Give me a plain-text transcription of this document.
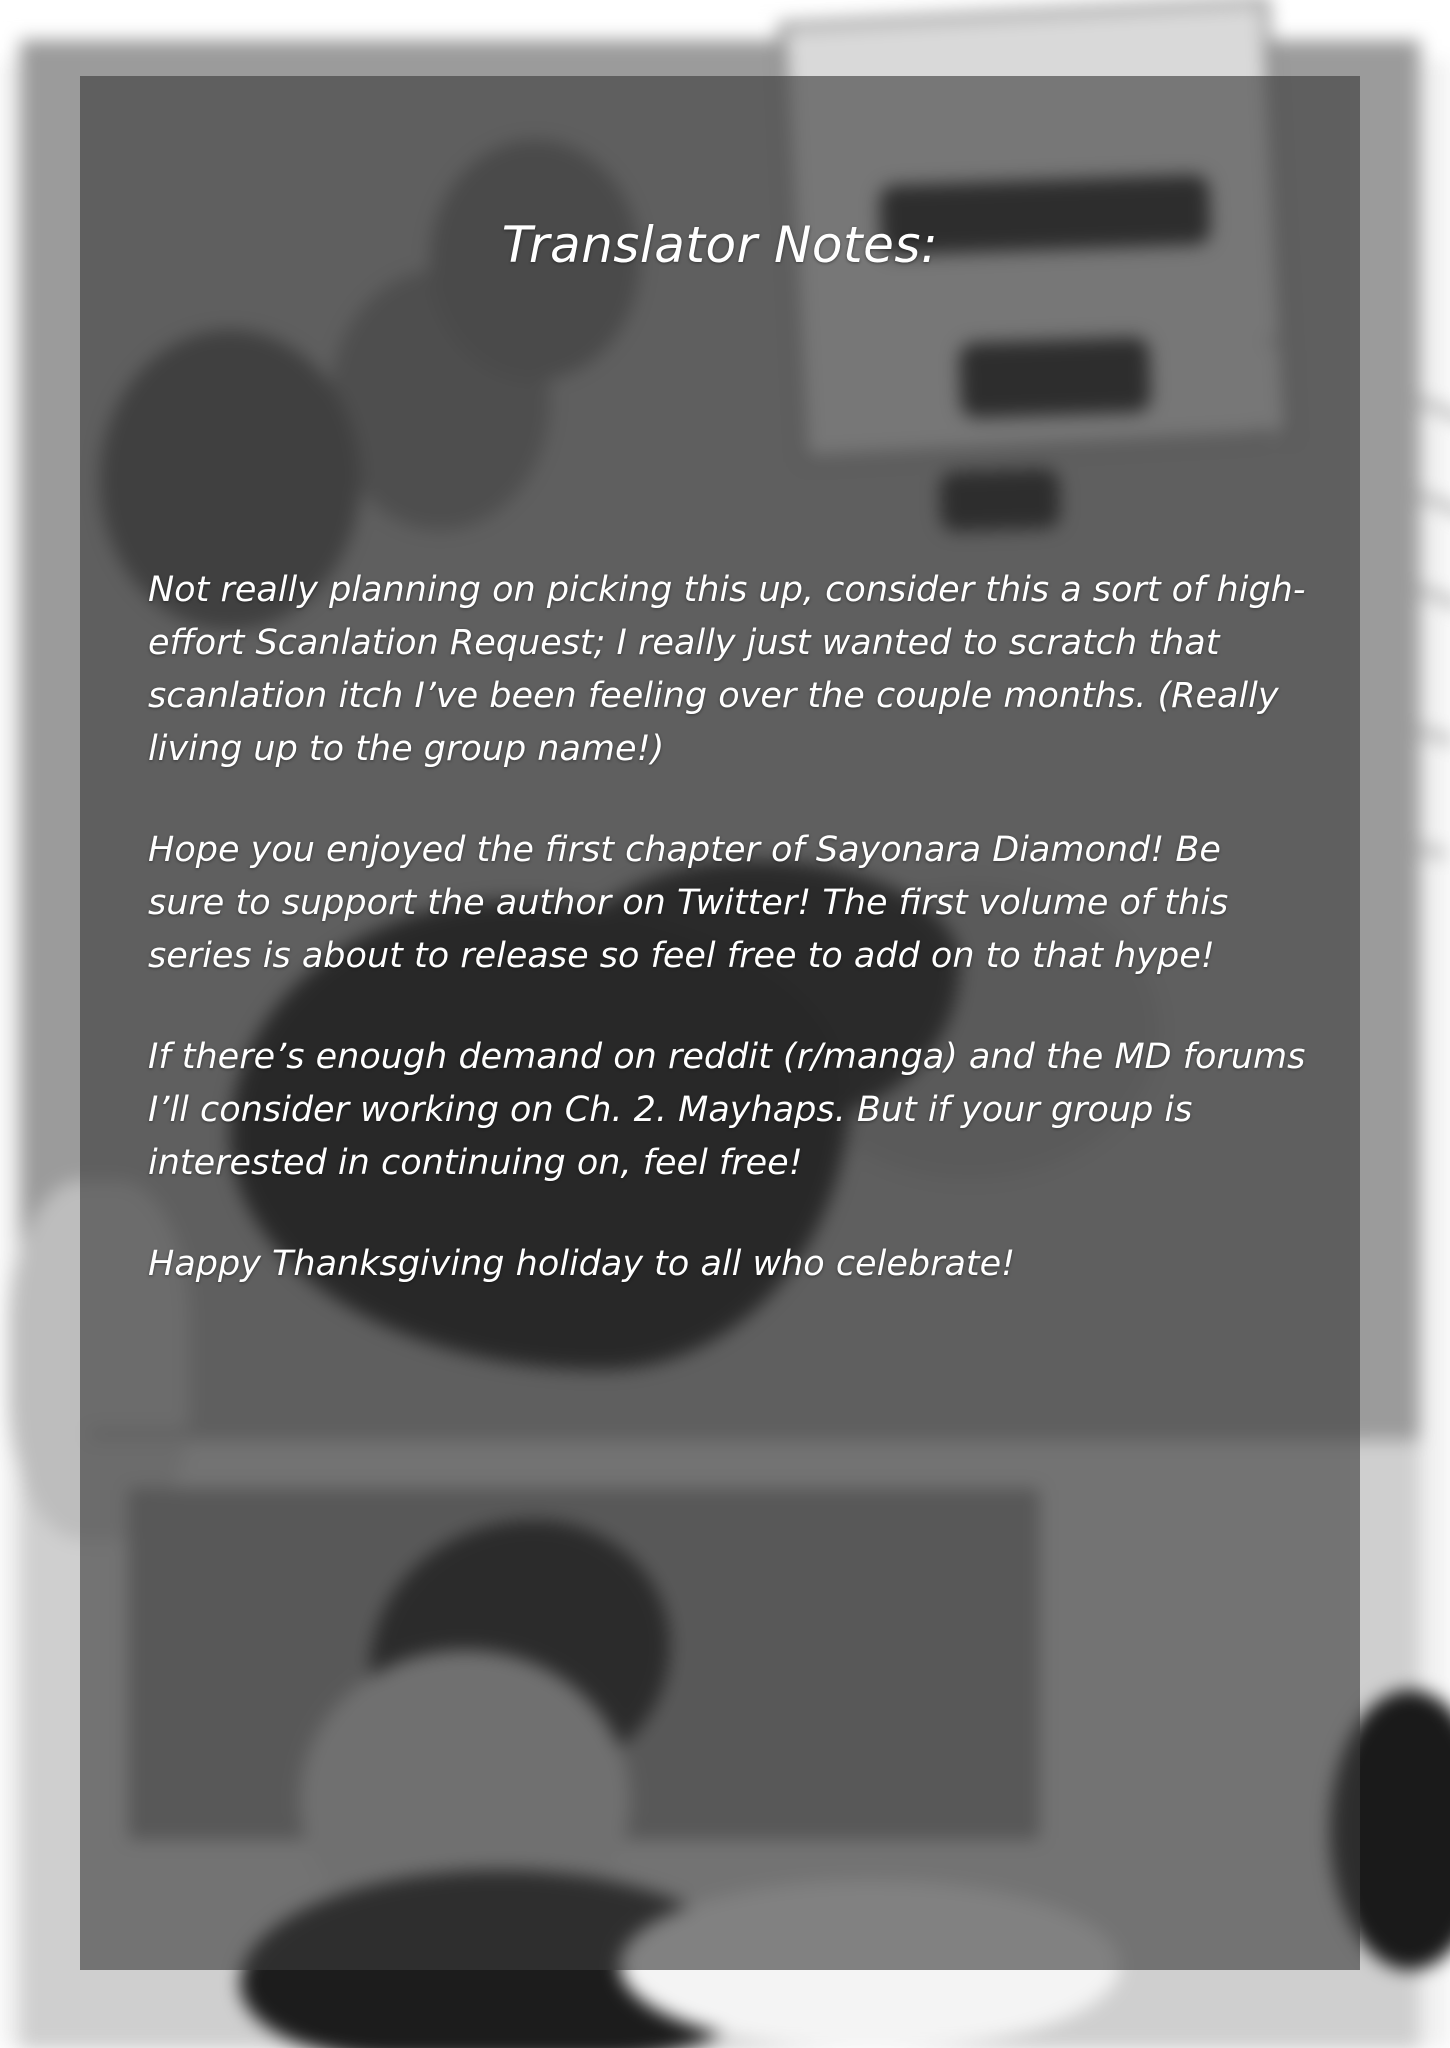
Translator Notes:

Not really planning on picking this up, consider this a sort of high-effort Scanlation Request; I really just wanted to scratch that scanlation itch I’ve been feeling over the couple months. (Really living up to the group name!)

Hope you enjoyed the first chapter of Sayonara Diamond! Be sure to support the author on Twitter! The first volume of this series is about to release so feel free to add on to that hype!

If there’s enough demand on reddit (r/manga) and the MD forums I’ll consider working on Ch. 2. Mayhaps. But if your group is interested in continuing on, feel free!

Happy Thanksgiving holiday to all who celebrate!
